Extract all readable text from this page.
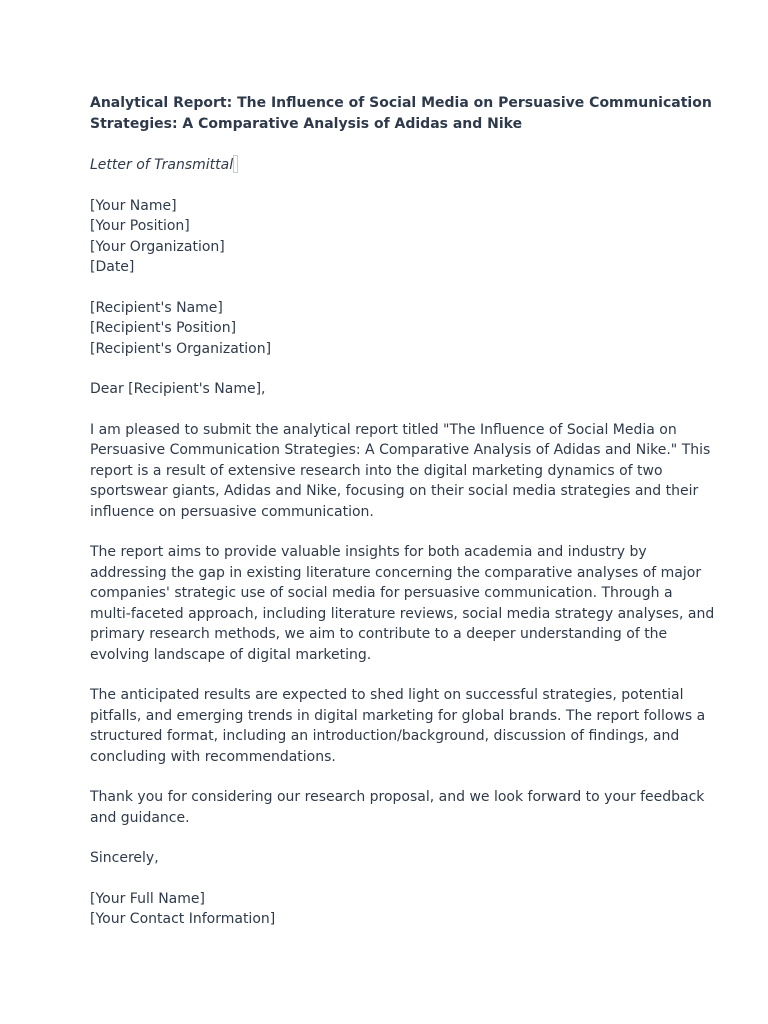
Analytical Report: The Influence of Social Media on Persuasive Communication
Strategies: A Comparative Analysis of Adidas and Nike
Letter of Transmittal
[Your Name]
[Your Position]
[Your Organization]
[Date]
[Recipient's Name]
[Recipient's Position]
[Recipient's Organization]
Dear [Recipient's Name],
I am pleased to submit the analytical report titled "The Influence of Social Media on
Persuasive Communication Strategies: A Comparative Analysis of Adidas and Nike." This
report is a result of extensive research into the digital marketing dynamics of two
sportswear giants, Adidas and Nike, focusing on their social media strategies and their
influence on persuasive communication.
The report aims to provide valuable insights for both academia and industry by
addressing the gap in existing literature concerning the comparative analyses of major
companies' strategic use of social media for persuasive communication. Through a
multi-faceted approach, including literature reviews, social media strategy analyses, and
primary research methods, we aim to contribute to a deeper understanding of the
evolving landscape of digital marketing.
The anticipated results are expected to shed light on successful strategies, potential
pitfalls, and emerging trends in digital marketing for global brands. The report follows a
structured format, including an introduction/background, discussion of findings, and
concluding with recommendations.
Thank you for considering our research proposal, and we look forward to your feedback
and guidance.
Sincerely,
[Your Full Name]
[Your Contact Information]
